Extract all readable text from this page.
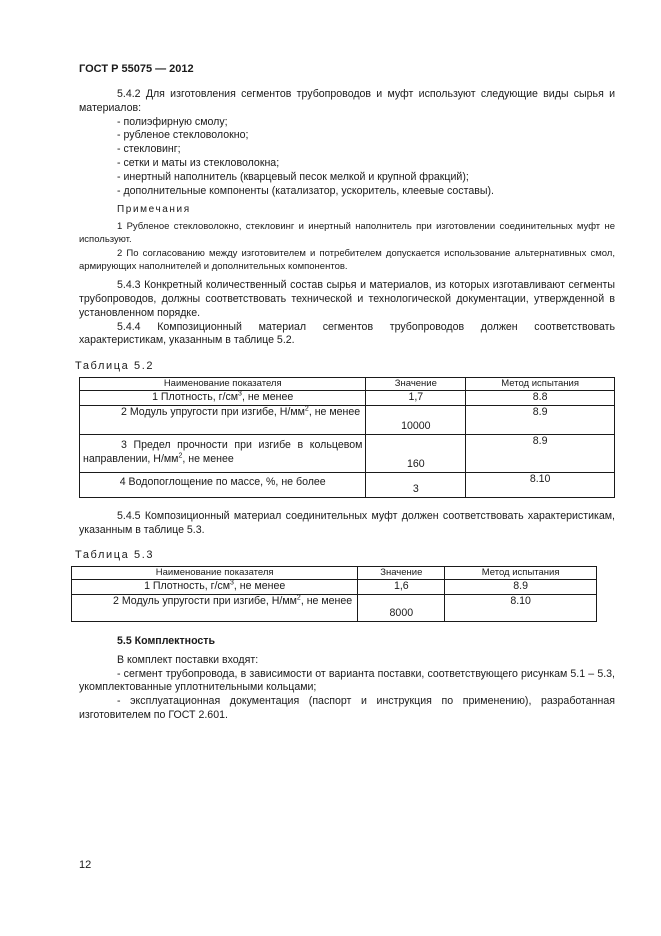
ГОСТ Р 55075 — 2012

5.4.2 Для изготовления сегментов трубопроводов и муфт используют следующие виды сырья и материалов:

- полиэфирную смолу;
- рубленое стекловолокно;
- стекловинг;
- сетки и маты из стекловолокна;
- инертный наполнитель (кварцевый песок мелкой и крупной фракций);
- дополнительные компоненты (катализатор, ускоритель, клеевые составы).
Примечания

1 Рубленое стекловолокно, стекловинг и инертный наполнитель при изготовлении соединительных муфт не используют.

2 По согласованию между изготовителем и потребителем допускается использование альтернативных смол, армирующих наполнителей и дополнительных компонентов.

5.4.3 Конкретный количественный состав сырья и материалов, из которых изготавливают сегменты трубопроводов, должны соответствовать технической и технологической документации, утвержденной в установленном порядке.

5.4.4 Композиционный материал сегментов трубопроводов должен соответствовать характеристикам, указанным в таблице 5.2.

Таблица 5.2
Наименование показателя	Значение	Метод испытания
1 Плотность, $г/см^3$, не менее	1,7	8.8
2 Модуль упругости при изгибе, $Н/мм^2$, не менее	10000	8.9
3 Предел прочности при изгибе в кольцевом направлении, $Н/мм^2$, не менее	160	8.9
4 Водопоглощение по массе, %, не более	3	8.10

5.4.5 Композиционный материал соединительных муфт должен соответствовать характеристикам, указанным в таблице 5.3.

Таблица 5.3
Наименование показателя	Значение	Метод испытания
1 Плотность, $г/см^3$, не менее	1,6	8.9
2 Модуль упругости при изгибе, $Н/мм^2$, не менее	8000	8.10
5.5 Комплектность

В комплект поставки входят:

- сегмент трубопровода, в зависимости от варианта поставки, соответствующего рисункам 5.1 – 5.3, укомплектованные уплотнительными кольцами;

- эксплуатационная документация (паспорт и инструкция по применению), разработанная изготовителем по ГОСТ 2.601.

12
